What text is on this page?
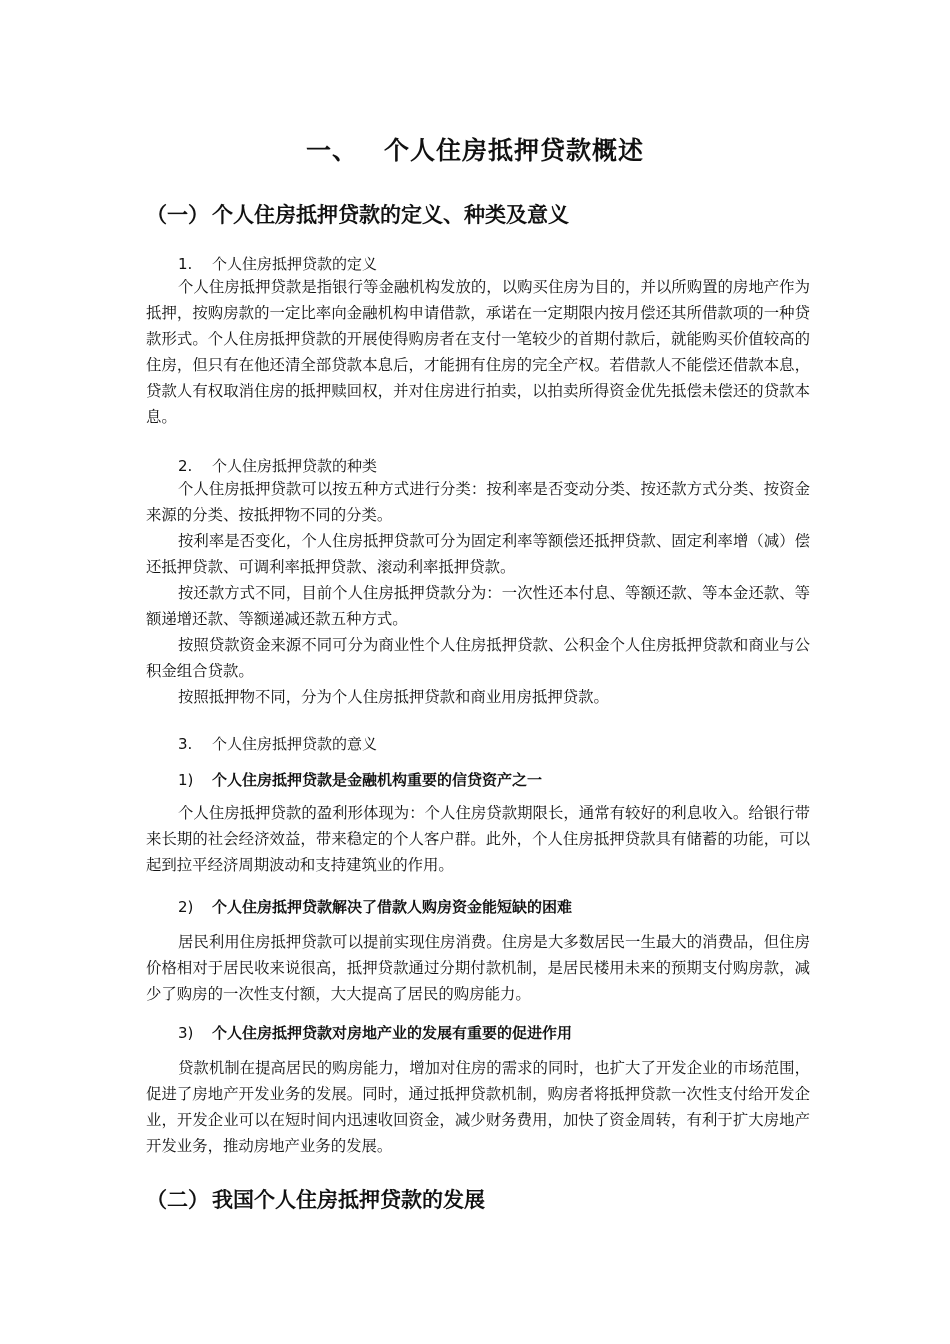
一、 个人住房抵押贷款概述
（一） 个人住房抵押贷款的定义、种类及意义
1. 个人住房抵押贷款的定义

个人住房抵押贷款是指银行等金融机构发放的，以购买住房为目的，并以所购置的房地产作为抵押，按购房款的一定比率向金融机构申请借款，承诺在一定期限内按月偿还其所借款项的一种贷款形式。个人住房抵押贷款的开展使得购房者在支付一笔较少的首期付款后，就能购买价值较高的住房，但只有在他还清全部贷款本息后，才能拥有住房的完全产权。若借款人不能偿还借款本息，贷款人有权取消住房的抵押赎回权，并对住房进行拍卖，以拍卖所得资金优先抵偿未偿还的贷款本息。

2. 个人住房抵押贷款的种类

个人住房抵押贷款可以按五种方式进行分类：按利率是否变动分类、按还款方式分类、按资金来源的分类、按抵押物不同的分类。

按利率是否变化，个人住房抵押贷款可分为固定利率等额偿还抵押贷款、固定利率增（减）偿还抵押贷款、可调利率抵押贷款、滚动利率抵押贷款。

按还款方式不同，目前个人住房抵押贷款分为：一次性还本付息、等额还款、等本金还款、等额递增还款、等额递减还款五种方式。

按照贷款资金来源不同可分为商业性个人住房抵押贷款、公积金个人住房抵押贷款和商业与公积金组合贷款。

按照抵押物不同，分为个人住房抵押贷款和商业用房抵押贷款。

3. 个人住房抵押贷款的意义
1) 个人住房抵押贷款是金融机构重要的信贷资产之一

个人住房抵押贷款的盈利形体现为：个人住房贷款期限长，通常有较好的利息收入。给银行带来长期的社会经济效益，带来稳定的个人客户群。此外，个人住房抵押贷款具有储蓄的功能，可以起到拉平经济周期波动和支持建筑业的作用。

2) 个人住房抵押贷款解决了借款人购房资金能短缺的困难

居民利用住房抵押贷款可以提前实现住房消费。住房是大多数居民一生最大的消费品，但住房价格相对于居民收来说很高，抵押贷款通过分期付款机制，是居民楼用未来的预期支付购房款，减少了购房的一次性支付额，大大提高了居民的购房能力。

3) 个人住房抵押贷款对房地产业的发展有重要的促进作用

贷款机制在提高居民的购房能力，增加对住房的需求的同时，也扩大了开发企业的市场范围，促进了房地产开发业务的发展。同时，通过抵押贷款机制，购房者将抵押贷款一次性支付给开发企业，开发企业可以在短时间内迅速收回资金，减少财务费用，加快了资金周转，有利于扩大房地产开发业务，推动房地产业务的发展。

（二） 我国个人住房抵押贷款的发展
